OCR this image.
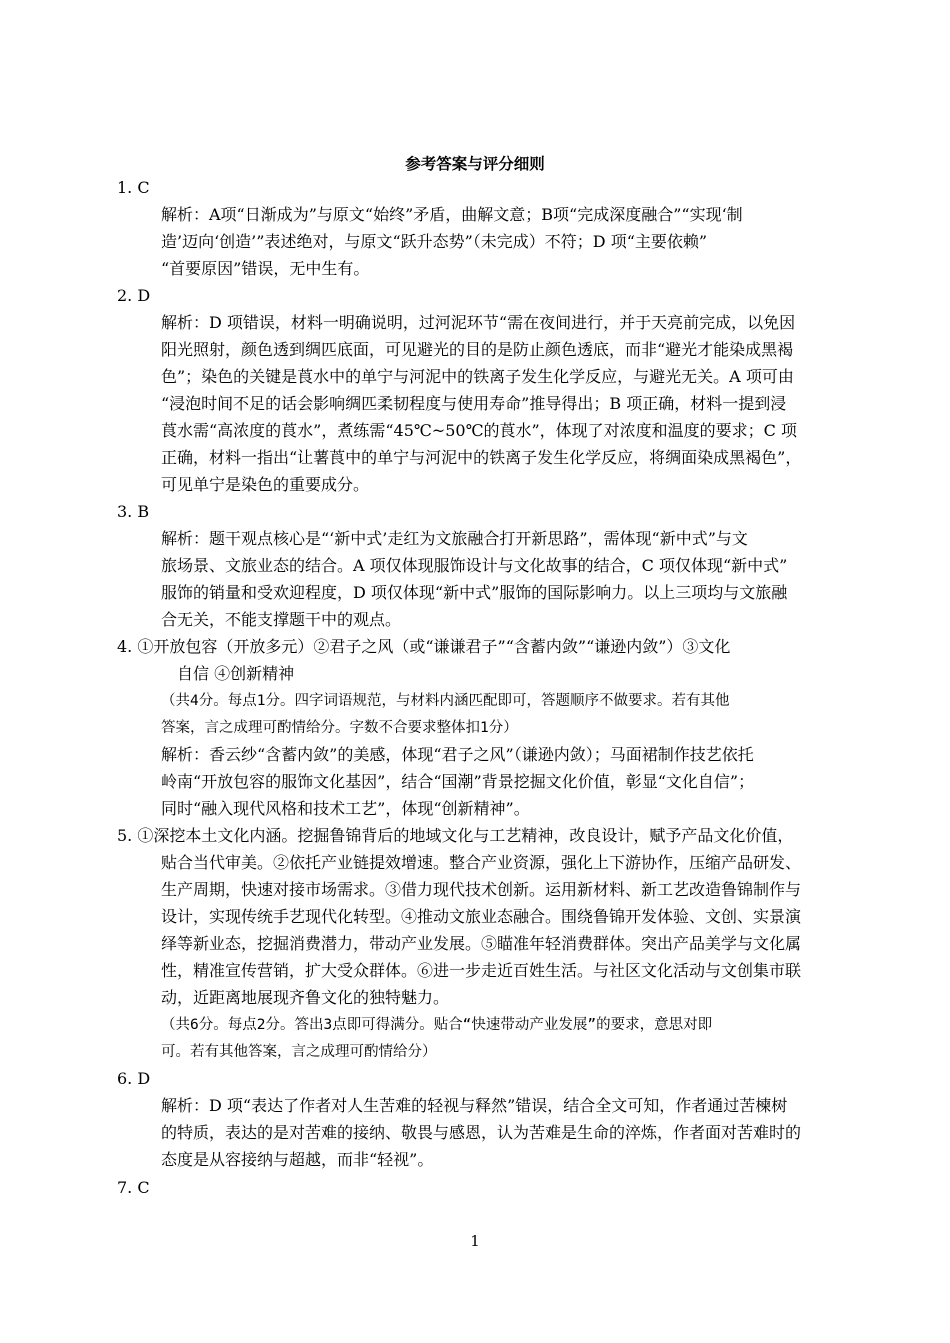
参考答案与评分细则
1. C
解析：A项“日渐成为”与原文“始终”矛盾，曲解文意；B项“完成深度融合”“实现‘制
造’迈向‘创造’”表述绝对，与原文“跃升态势”（未完成）不符；D 项“主要依赖”
“首要原因”错误，无中生有。
2. D
解析：D 项错误，材料一明确说明，过河泥环节“需在夜间进行，并于天亮前完成，以免因
阳光照射，颜色透到绸匹底面，可见避光的目的是防止颜色透底，而非“避光才能染成黑褐
色”；染色的关键是莨水中的单宁与河泥中的铁离子发生化学反应，与避光无关。A 项可由
“浸泡时间不足的话会影响绸匹柔韧程度与使用寿命”推导得出；B 项正确，材料一提到浸
莨水需“高浓度的莨水”，煮练需“45℃~50℃的莨水”，体现了对浓度和温度的要求；C 项
正确，材料一指出“让薯莨中的单宁与河泥中的铁离子发生化学反应，将绸面染成黑褐色”，
可见单宁是染色的重要成分。
3. B
解析：题干观点核心是“‘新中式’走红为文旅融合打开新思路”，需体现“新中式”与文
旅场景、文旅业态的结合。A 项仅体现服饰设计与文化故事的结合，C 项仅体现“新中式”
服饰的销量和受欢迎程度，D 项仅体现“新中式”服饰的国际影响力。以上三项均与文旅融
合无关，不能支撑题干中的观点。
4. ①开放包容（开放多元）②君子之风（或“谦谦君子”“含蓄内敛”“谦逊内敛”）③文化
自信 ④创新精神
（共4分。每点1分。四字词语规范，与材料内涵匹配即可，答题顺序不做要求。若有其他
答案，言之成理可酌情给分。字数不合要求整体扣1分）
解析：香云纱“含蓄内敛”的美感，体现“君子之风”（谦逊内敛）；马面裙制作技艺依托
岭南“开放包容的服饰文化基因”，结合“国潮”背景挖掘文化价值，彰显“文化自信”；
同时“融入现代风格和技术工艺”，体现“创新精神”。
5. ①深挖本土文化内涵。挖掘鲁锦背后的地域文化与工艺精神，改良设计，赋予产品文化价值，
贴合当代审美。②依托产业链提效增速。整合产业资源，强化上下游协作，压缩产品研发、
生产周期，快速对接市场需求。③借力现代技术创新。运用新材料、新工艺改造鲁锦制作与
设计，实现传统手艺现代化转型。④推动文旅业态融合。围绕鲁锦开发体验、文创、实景演
绎等新业态，挖掘消费潜力，带动产业发展。⑤瞄准年轻消费群体。突出产品美学与文化属
性，精准宣传营销，扩大受众群体。⑥进一步走近百姓生活。与社区文化活动与文创集市联
动，近距离地展现齐鲁文化的独特魅力。
（共6分。每点2分。答出3点即可得满分。贴合“快速带动产业发展”的要求，意思对即
可。若有其他答案，言之成理可酌情给分）
6. D
解析：D 项“表达了作者对人生苦难的轻视与释然”错误，结合全文可知，作者通过苦楝树
的特质，表达的是对苦难的接纳、敬畏与感恩，认为苦难是生命的淬炼，作者面对苦难时的
态度是从容接纳与超越，而非“轻视”。
7. C
1
